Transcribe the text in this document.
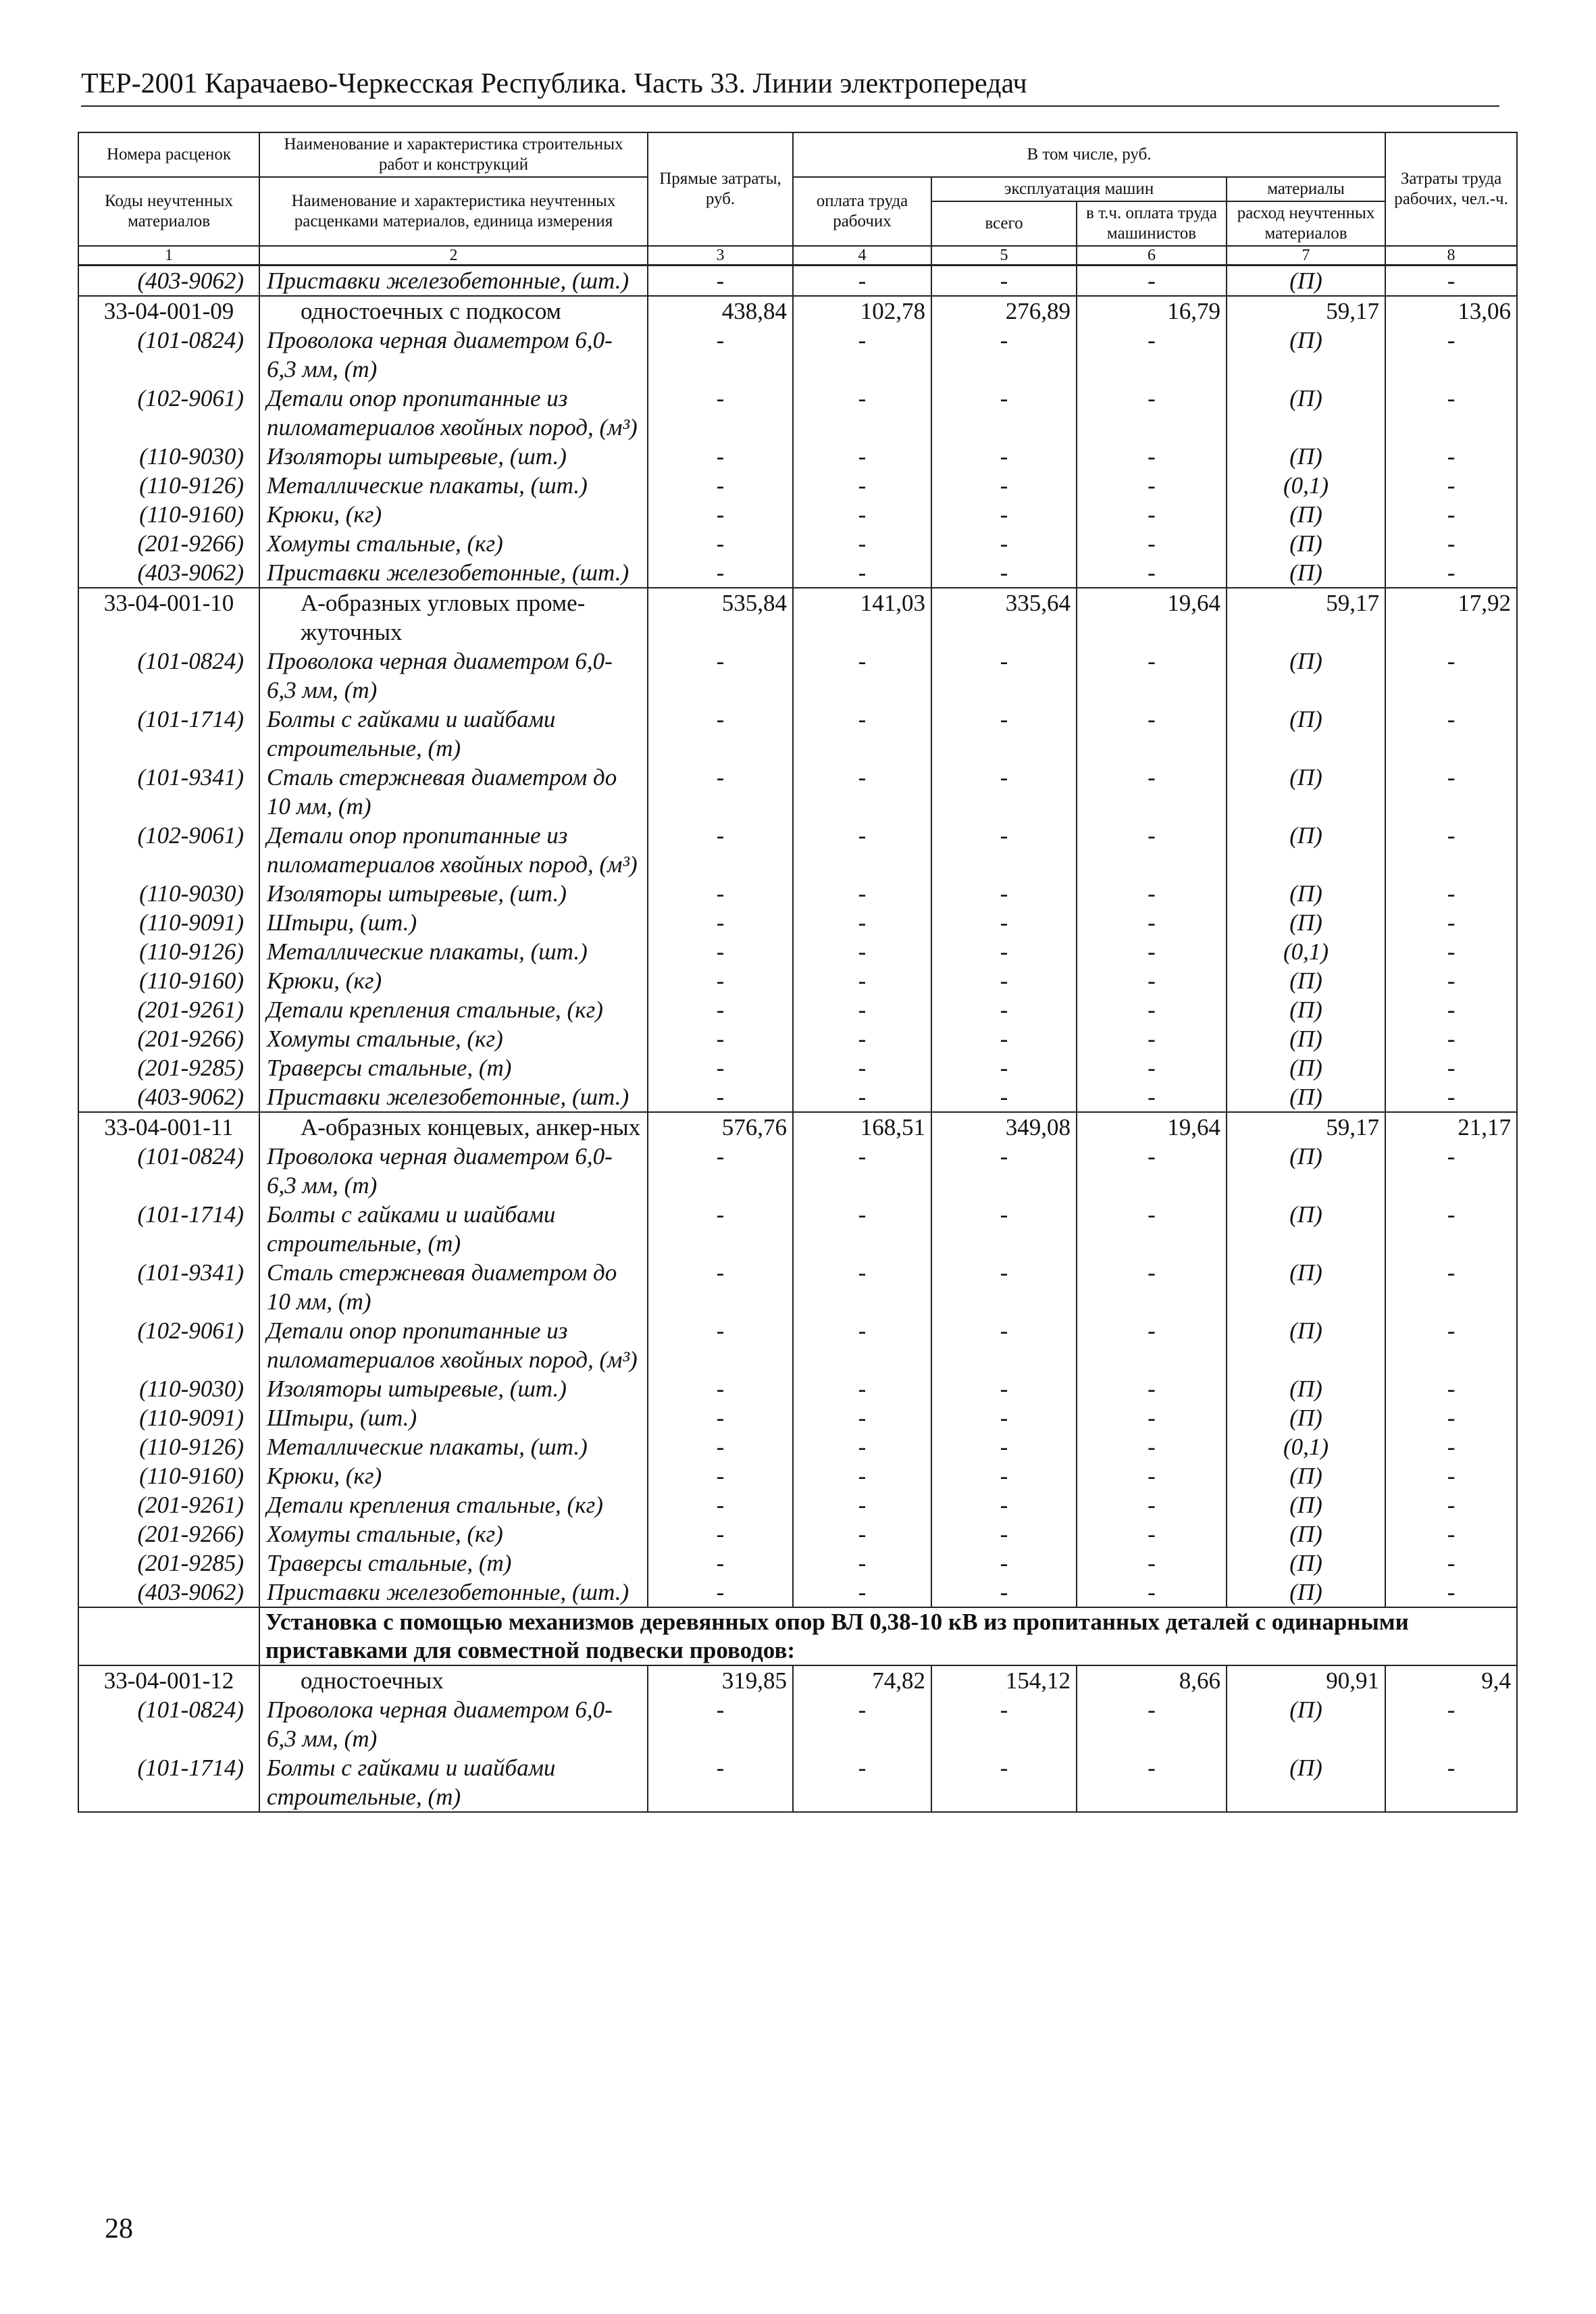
ТЕР-2001 Карачаево-Черкесская Республика. Часть 33. Линии электропередач
Номера расценок	Наименование и характеристика строительных работ и конструкций	Прямые затраты, руб.	В том числе, руб.				Затраты труда рабочих, чел.-ч.
Коды неучтенных материалов	Наименование и характеристика неучтенных расценками материалов, единица измерения		оплата труда рабочих	эксплуатация машин		материалы	
				всего	в т.ч. оплата труда машинистов	расход неучтенных материалов	
1	2	3	4	5	6	7	8
(403-9062)	Приставки железобетонные, (шт.)	-	-	-	-	(П)	-
33-04-001-09	одностоечных с подкосом	438,84	102,78	276,89	16,79	59,17	13,06
(101-0824)	Проволока черная диаметром 6,0-6,3 мм, (т)	-	-	-	-	(П)	-
(102-9061)	Детали опор пропитанные из пиломатериалов хвойных пород, (м³)	-	-	-	-	(П)	-
(110-9030)	Изоляторы штыревые, (шт.)	-	-	-	-	(П)	-
(110-9126)	Металлические плакаты, (шт.)	-	-	-	-	(0,1)	-
(110-9160)	Крюки, (кг)	-	-	-	-	(П)	-
(201-9266)	Хомуты стальные, (кг)	-	-	-	-	(П)	-
(403-9062)	Приставки железобетонные, (шт.)	-	-	-	-	(П)	-
33-04-001-10	А-образных угловых проме-жуточных	535,84	141,03	335,64	19,64	59,17	17,92
(101-0824)	Проволока черная диаметром 6,0-6,3 мм, (т)	-	-	-	-	(П)	-
(101-1714)	Болты с гайками и шайбами строительные, (т)	-	-	-	-	(П)	-
(101-9341)	Сталь стержневая диаметром до 10 мм, (т)	-	-	-	-	(П)	-
(102-9061)	Детали опор пропитанные из пиломатериалов хвойных пород, (м³)	-	-	-	-	(П)	-
(110-9030)	Изоляторы штыревые, (шт.)	-	-	-	-	(П)	-
(110-9091)	Штыри, (шт.)	-	-	-	-	(П)	-
(110-9126)	Металлические плакаты, (шт.)	-	-	-	-	(0,1)	-
(110-9160)	Крюки, (кг)	-	-	-	-	(П)	-
(201-9261)	Детали крепления стальные, (кг)	-	-	-	-	(П)	-
(201-9266)	Хомуты стальные, (кг)	-	-	-	-	(П)	-
(201-9285)	Траверсы стальные, (т)	-	-	-	-	(П)	-
(403-9062)	Приставки железобетонные, (шт.)	-	-	-	-	(П)	-
33-04-001-11	А-образных концевых, анкер-ных	576,76	168,51	349,08	19,64	59,17	21,17
(101-0824)	Проволока черная диаметром 6,0-6,3 мм, (т)	-	-	-	-	(П)	-
(101-1714)	Болты с гайками и шайбами строительные, (т)	-	-	-	-	(П)	-
(101-9341)	Сталь стержневая диаметром до 10 мм, (т)	-	-	-	-	(П)	-
(102-9061)	Детали опор пропитанные из пиломатериалов хвойных пород, (м³)	-	-	-	-	(П)	-
(110-9030)	Изоляторы штыревые, (шт.)	-	-	-	-	(П)	-
(110-9091)	Штыри, (шт.)	-	-	-	-	(П)	-
(110-9126)	Металлические плакаты, (шт.)	-	-	-	-	(0,1)	-
(110-9160)	Крюки, (кг)	-	-	-	-	(П)	-
(201-9261)	Детали крепления стальные, (кг)	-	-	-	-	(П)	-
(201-9266)	Хомуты стальные, (кг)	-	-	-	-	(П)	-
(201-9285)	Траверсы стальные, (т)	-	-	-	-	(П)	-
(403-9062)	Приставки железобетонные, (шт.)	-	-	-	-	(П)	-
	Установка с помощью механизмов деревянных опор ВЛ 0,38-10 кВ из пропитанных деталей с одинарными приставками для совместной подвески проводов:						
33-04-001-12	одностоечных	319,85	74,82	154,12	8,66	90,91	9,4
(101-0824)	Проволока черная диаметром 6,0-6,3 мм, (т)	-	-	-	-	(П)	-
(101-1714)	Болты с гайками и шайбами строительные, (т)	-	-	-	-	(П)	-
28
